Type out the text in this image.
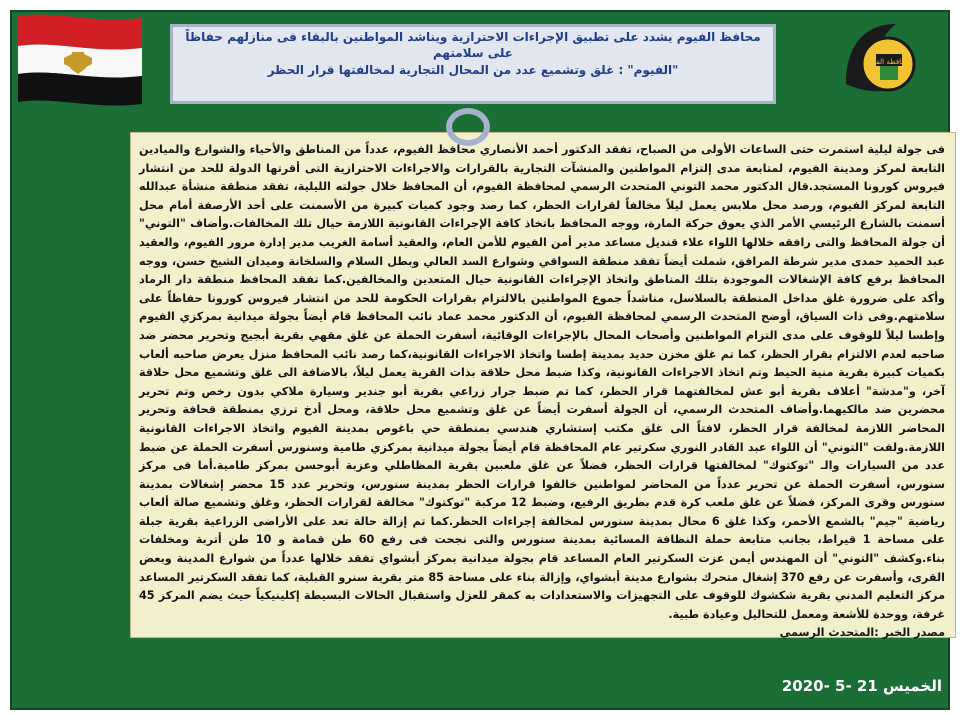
محافظ الفيوم يشدد على تطبيق الإجراءات الاحترازية ويناشد المواطنين بالبقاء فى منازلهم حفاظاً على سلامتهم
"الفيوم" : غلق وتشميع عدد من المحال التجارية لمخالفتها قرار الحظر
محافظة الفيوم

فى جولة ليلية استمرت حتى الساعات الأولى من الصباح، تفقد الدكتور أحمد الأنصاري محافظ الفيوم، عدداً من المناطق والأحياء والشوارع والميادين التابعة لمركز ومدينة الفيوم، لمتابعة مدى إلتزام المواطنين والمنشآت التجارية بالقرارات والاجراءات الاحترازية التى أقرتها الدولة للحد من انتشار فيروس كورونا المستجد.قال الدكتور محمد التوني المتحدث الرسمي لمحافظة الفيوم، أن المحافظ خلال جولته الليلية، تفقد منطقة منشأة عبدالله التابعة لمركز الفيوم، ورصد محل ملابس يعمل ليلاً مخالفاً لقرارات الحظر، كما رصد وجود كميات كبيرة من الأسمنت على أحد الأرصفة أمام محل أسمنت بالشارع الرئيسي الأمر الذي يعوق حركة المارة، ووجه المحافظ باتخاذ كافة الإجراءات القانونية اللازمة حيال تلك المخالفات.وأضاف "التوني" أن جولة المحافظ والتى رافقه خلالها اللواء علاء قنديل مساعد مدير أمن الفيوم للأمن العام، والعقيد أسامة الغريب مدير إدارة مرور الفيوم، والعقيد عبد الحميد حمدى مدير شرطة المرافق، شملت أيضاً تفقد منطقة السواقي وشوارع السد العالي وبطل السلام والسلخانة وميدان الشيخ حسن، ووجه المحافظ برفع كافة الإشغالات الموجودة بتلك المناطق واتخاذ الإجراءات القانونية حيال المتعدين والمخالفين.كما تفقد المحافظ منطقة دار الرماد وأكد على ضرورة غلق مداخل المنطقة بالسلاسل، مناشداً جموع المواطنين بالالتزام بقرارات الحكومة للحد من انتشار فيروس كورونا حفاظاً على سلامتهم.وفى ذات السياق، أوضح المتحدث الرسمي لمحافظة الفيوم، أن الدكتور محمد عماد نائب المحافظ قام أيضاً بجولة ميدانية بمركزي الفيوم وإطسا ليلاً للوقوف على مدى التزام المواطنين وأصحاب المحال بالإجراءات الوقائية، أسفرت الحملة عن غلق مقهي بقرية أبجيج وتحرير محضر ضد صاحبه لعدم الالتزام بقرار الحظر، كما تم غلق مخزن حديد بمدينة إطسا واتخاذ الاجراءات القانونية،كما رصد نائب المحافظ منزل يعرض صاحبه ألعاب بكميات كبيرة بقرية منية الحيط وتم اتخاذ الاجراءات القانونية، وكذا ضبط محل حلاقة بذات القرية يعمل ليلاً، بالاضافة الى غلق وتشميع محل حلاقة آخر، و"مدشة" أعلاف بقرية أبو عش لمخالفتهما قرار الحظر، كما تم ضبط جرار زراعي بقرية أبو جندير وسيارة ملاكي بدون رخص وتم تحرير محضرين ضد مالكيهما.وأضاف المتحدث الرسمي، أن الجولة أسفرت أيضاً عن غلق وتشميع محل حلاقة، ومحل أدخ ترزي بمنطقة قحافة وتحرير المحاضر اللازمة لمخالفة قرار الحظر، لافتاً الى غلق مكتب إستشاري هندسي بمنطقة حي باغوص بمدينة الفيوم واتخاذ الاجراءات القانونية اللازمة.ولفت "التوني" أن اللواء عبد القادر النوري سكرتير عام المحافظة قام أيضاً بجولة ميدانية بمركزي طامية وسنورس أسفرت الحملة عن ضبط عدد من السيارات والـ "توكتوك" لمخالفتها قرارات الحظر، فضلاً عن غلق ملعبين بقرية المظاطلي وعزبة أبوحسن بمركز طامية.أما فى مركز سنورس، أسفرت الحملة عن تحرير عدداً من المحاضر لمواطنين خالفوا قرارات الحظر بمدينة سنورس، وتحرير عدد 15 محضر إشغالات بمدينة سنورس وقرى المركز، فضلاً عن غلق ملعب كرة قدم بطريق الرفيع، وضبط 12 مركبة "توكتوك" مخالفة لقرارات الحظر، وغلق وتشميع صالة ألعاب رياضية "جيم" بالشمع الأحمر، وكذا غلق 6 محال بمدينة سنورس لمخالفة إجراءات الحظر.كما تم إزالة حالة تعد على الأراضى الزراعية بقرية جبلة على مساحة 1 قيراط، بجانب متابعة حملة النظافة المسائية بمدينة سنورس والتى نجحت فى رفع 60 طن قمامة و 10 طن أتربة ومخلفات بناء.وكشف "التوني" أن المهندس أيمن عزت السكرتير العام المساعد قام بجولة ميدانية بمركز أبشواي تفقد خلالها عدداً من شوارع المدينة وبعض القرى، وأسفرت عن رفع 370 إشغال متحرك بشوارع مدينة أبشواي، وإزالة بناء على مساحة 85 متر بقرية سنرو القبلية، كما تفقد السكرتير المساعد مركز التعليم المدني بقرية شكشوك للوقوف على التجهيزات والاستعدادات به كمقر للعزل واستقبال الحالات البسيطة إكلينيكياً حيث يضم المركز 45 غرفة، ووحدة للأشعة ومعمل للتحاليل وعيادة طبية.

مصدر الخبر :المتحدث الرسمي

الخميس 21 -5 -2020
